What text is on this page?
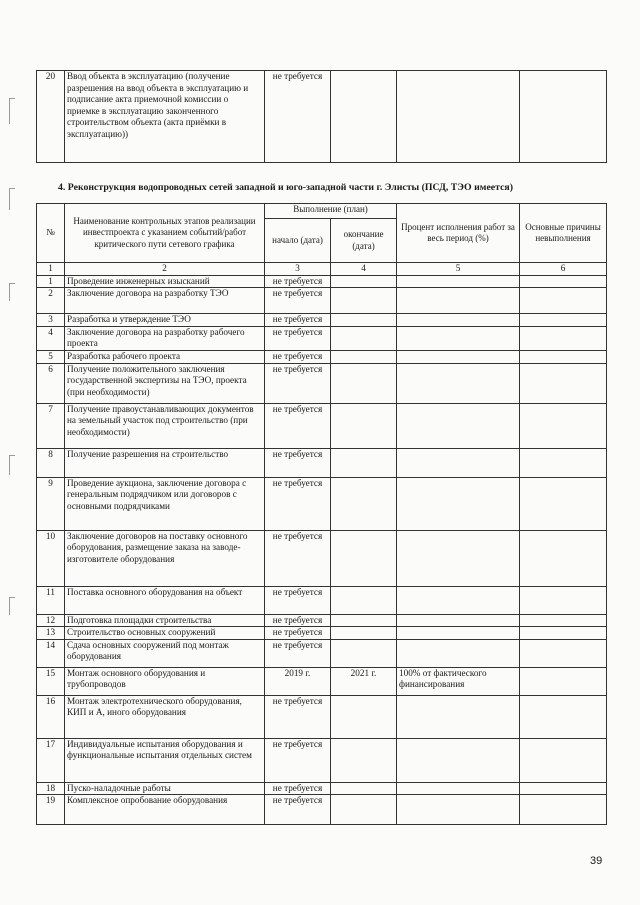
20	Ввод объекта в эксплуатацию (получение разрешения на ввод объекта в эксплуатацию и подписание акта приемочной комиссии о приемке в эксплуатацию законченного строительством объекта (акта приёмки в эксплуатацию))	не требуется			
4. Реконструкция водопроводных сетей западной и юго-западной части г. Элисты (ПСД, ТЭО имеется)
№	Наименование контрольных этапов реализации инвестпроекта с указанием событий/работ критического пути сетевого графика	Выполнение (план)		Процент исполнения работ за весь период (%)	Основные причины невыполнения
		начало (дата)	окончание (дата)		
1	2	3	4	5	6
1	Проведение инженерных изысканий	не требуется			
2	Заключение договора на разработку ТЭО	не требуется			
3	Разработка и утверждение ТЭО	не требуется			
4	Заключение договора на разработку рабочего проекта	не требуется			
5	Разработка рабочего проекта	не требуется			
6	Получение положительного заключения государственной экспертизы на ТЭО, проекта (при необходимости)	не требуется			
7	Получение правоустанавливающих документов на земельный участок под строительство (при необходимости)	не требуется			
8	Получение разрешения на строительство	не требуется			
9	Проведение аукциона, заключение договора с генеральным подрядчиком или договоров с основными подрядчиками	не требуется			
10	Заключение договоров на поставку основного оборудования, размещение заказа на заводе-изготовителе оборудования	не требуется			
11	Поставка основного оборудования на объект	не требуется			
12	Подготовка площадки строительства	не требуется			
13	Строительство основных сооружений	не требуется			
14	Сдача основных сооружений под монтаж оборудования	не требуется			
15	Монтаж основного оборудования и трубопроводов	2019 г.	2021 г.	100% от фактического финансирования	
16	Монтаж электротехнического оборудования, КИП и А, иного оборудования	не требуется			
17	Индивидуальные испытания оборудования и функциональные испытания отдельных систем	не требуется			
18	Пуско-наладочные работы	не требуется			
19	Комплексное опробование оборудования	не требуется			
39
